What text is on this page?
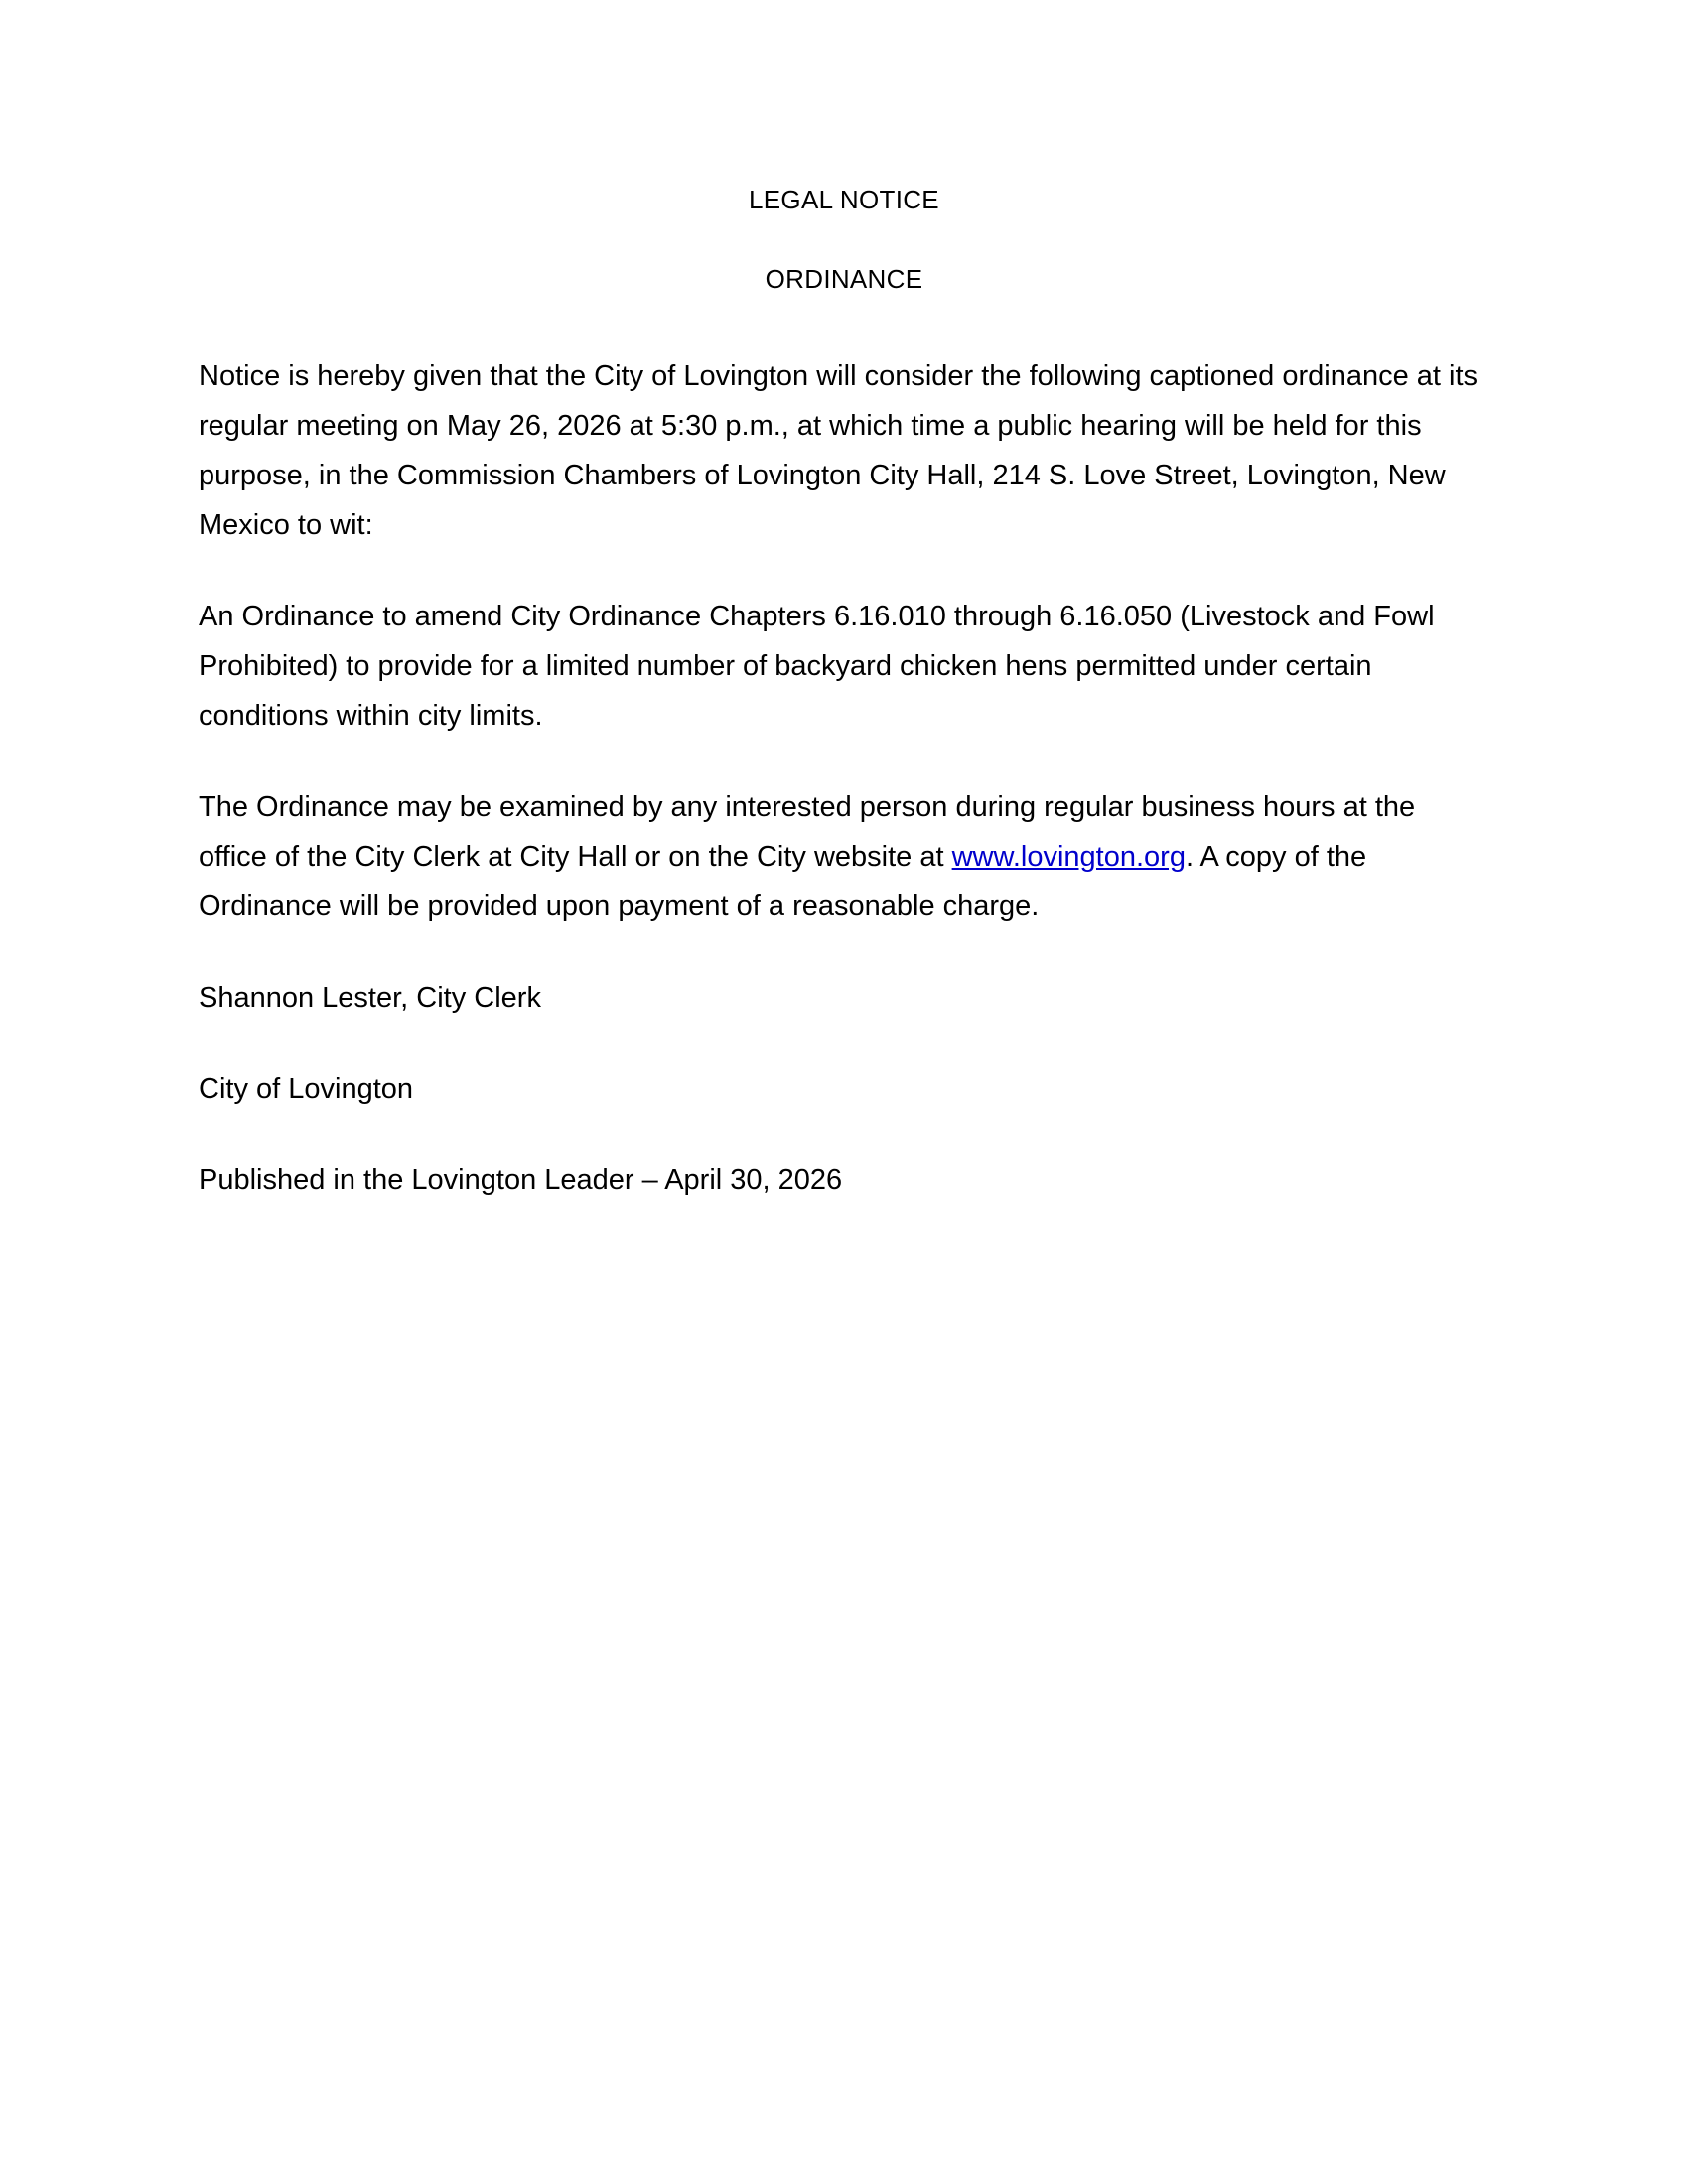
LEGAL NOTICE
ORDINANCE

Notice is hereby given that the City of Lovington will consider the following captioned ordinance at its regular meeting on May 26, 2026 at 5:30 p.m., at which time a public hearing will be held for this purpose, in the Commission Chambers of Lovington City Hall, 214 S. Love Street, Lovington, New Mexico to wit:

An Ordinance to amend City Ordinance Chapters 6.16.010 through 6.16.050 (Livestock and Fowl Prohibited) to provide for a limited number of backyard chicken hens permitted under certain conditions within city limits.

The Ordinance may be examined by any interested person during regular business hours at the office of the City Clerk at City Hall or on the City website at www.lovington.org. A copy of the Ordinance will be provided upon payment of a reasonable charge.

Shannon Lester, City Clerk
City of Lovington
Published in the Lovington Leader – April 30, 2026
